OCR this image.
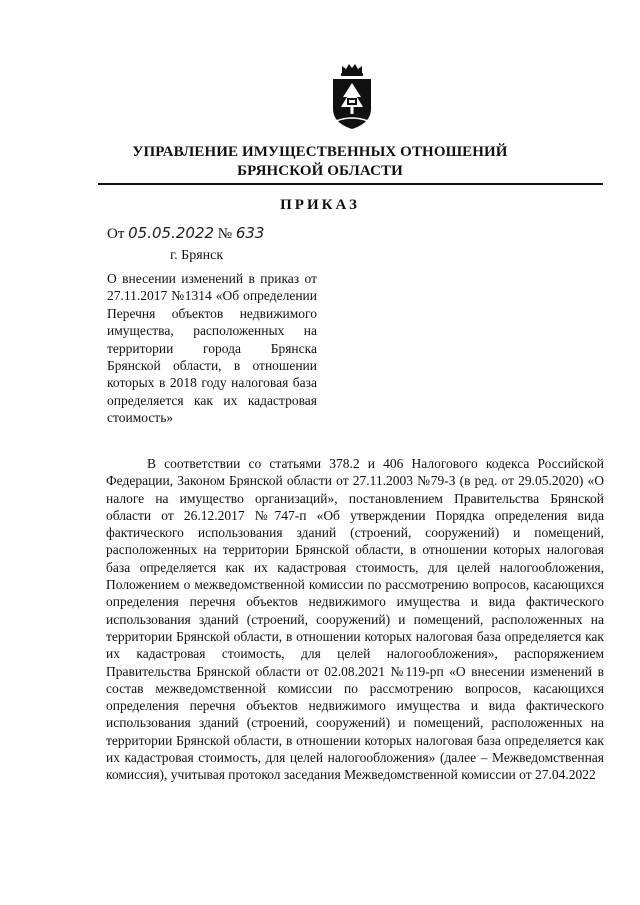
УПРАВЛЕНИЕ ИМУЩЕСТВЕННЫХ ОТНОШЕНИЙ
БРЯНСКОЙ ОБЛАСТИ
ПРИКАЗ
От 05.05.2022 № 633
г. Брянск
О внесении изменений в приказ от 27.11.2017 №1314 «Об определении Перечня объектов недвижимого имущества, расположенных на территории города Брянска Брянской области, в отношении которых в 2018 году налоговая база определяется как их кадастровая стоимость»
В соответствии со статьями 378.2 и 406 Налогового кодекса Российской Федерации, Законом Брянской области от 27.11.2003 №79-З (в ред. от 29.05.2020) «О налоге на имущество организаций», постановлением Правительства Брянской области от 26.12.2017 №747-п «Об утверждении Порядка определения вида фактического использования зданий (строений, сооружений) и помещений, расположенных на территории Брянской области, в отношении которых налоговая база определяется как их кадастровая стоимость, для целей налогообложения, Положением о межведомственной комиссии по рассмотрению вопросов, касающихся определения перечня объектов недвижимого имущества и вида фактического использования зданий (строений, сооружений) и помещений, расположенных на территории Брянской области, в отношении которых налоговая база определяется как их кадастровая стоимость, для целей налогообложения», распоряжением Правительства Брянской области от 02.08.2021 №119-рп «О внесении изменений в состав межведомственной комиссии по рассмотрению вопросов, касающихся определения перечня объектов недвижимого имущества и вида фактического использования зданий (строений, сооружений) и помещений, расположенных на территории Брянской области, в отношении которых налоговая база определяется как их кадастровая стоимость, для целей налогообложения» (далее – Межведомственная комиссия), учитывая протокол заседания Межведомственной комиссии от 27.04.2022
